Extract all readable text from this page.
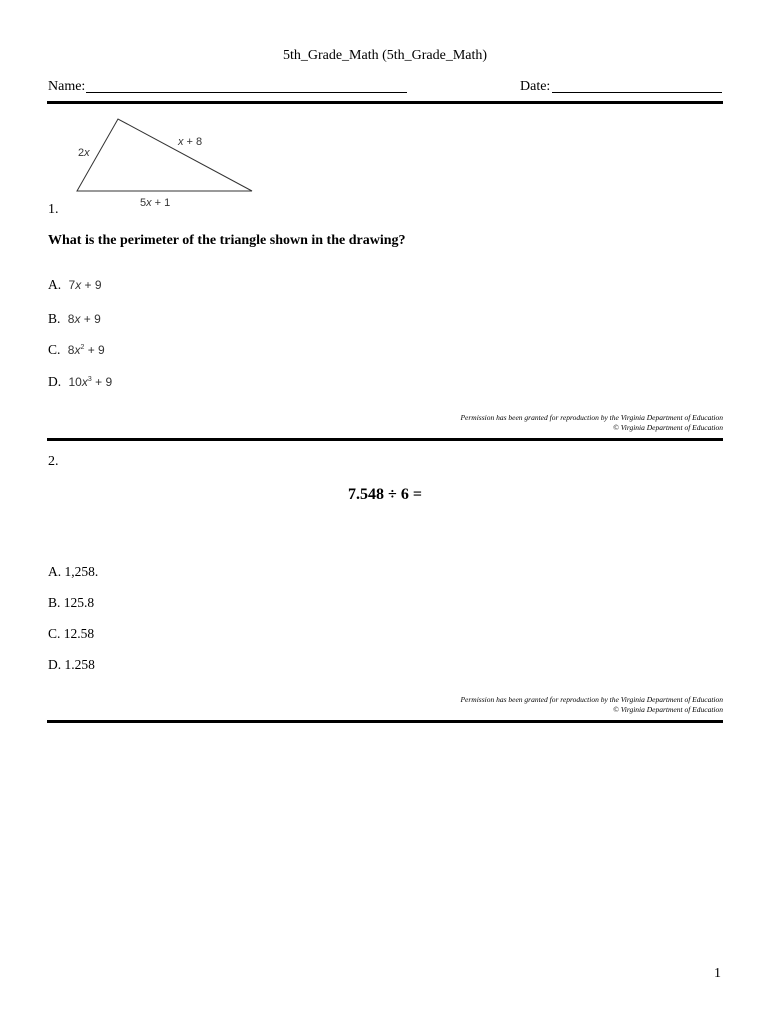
5th_Grade_Math (5th_Grade_Math)
Name:	Date:
2x
x + 8
5x + 1
1.
What is the perimeter of the triangle shown in the drawing?
A. 7x + 9
B. 8x + 9
C. $8x^2 + 9$
D. $10x^3 + 9$
Permission has been granted for reproduction by the Virginia Department of Education
© Virginia Department of Education
2.
7.548 ÷ 6 =
A. 1,258.
B. 125.8
C. 12.58
D. 1.258
Permission has been granted for reproduction by the Virginia Department of Education
© Virginia Department of Education
1
